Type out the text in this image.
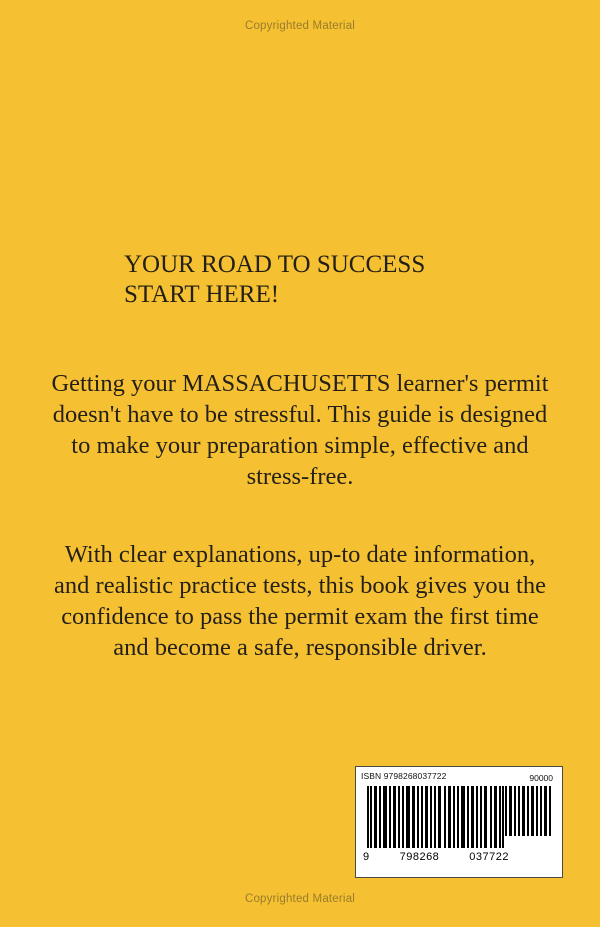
Copyrighted Material
YOUR ROAD TO SUCCESS
START HERE!

Getting your MASSACHUSETTS learner's permit doesn't have to be stressful. This guide is designed to make your preparation simple, effective and stress-free.

With clear explanations, up-to date information, and realistic practice tests, this book gives you the confidence to pass the permit exam the first time and become a safe, responsible driver.

ISBN 9798268037722	90000
9	798268	037722
Copyrighted Material
